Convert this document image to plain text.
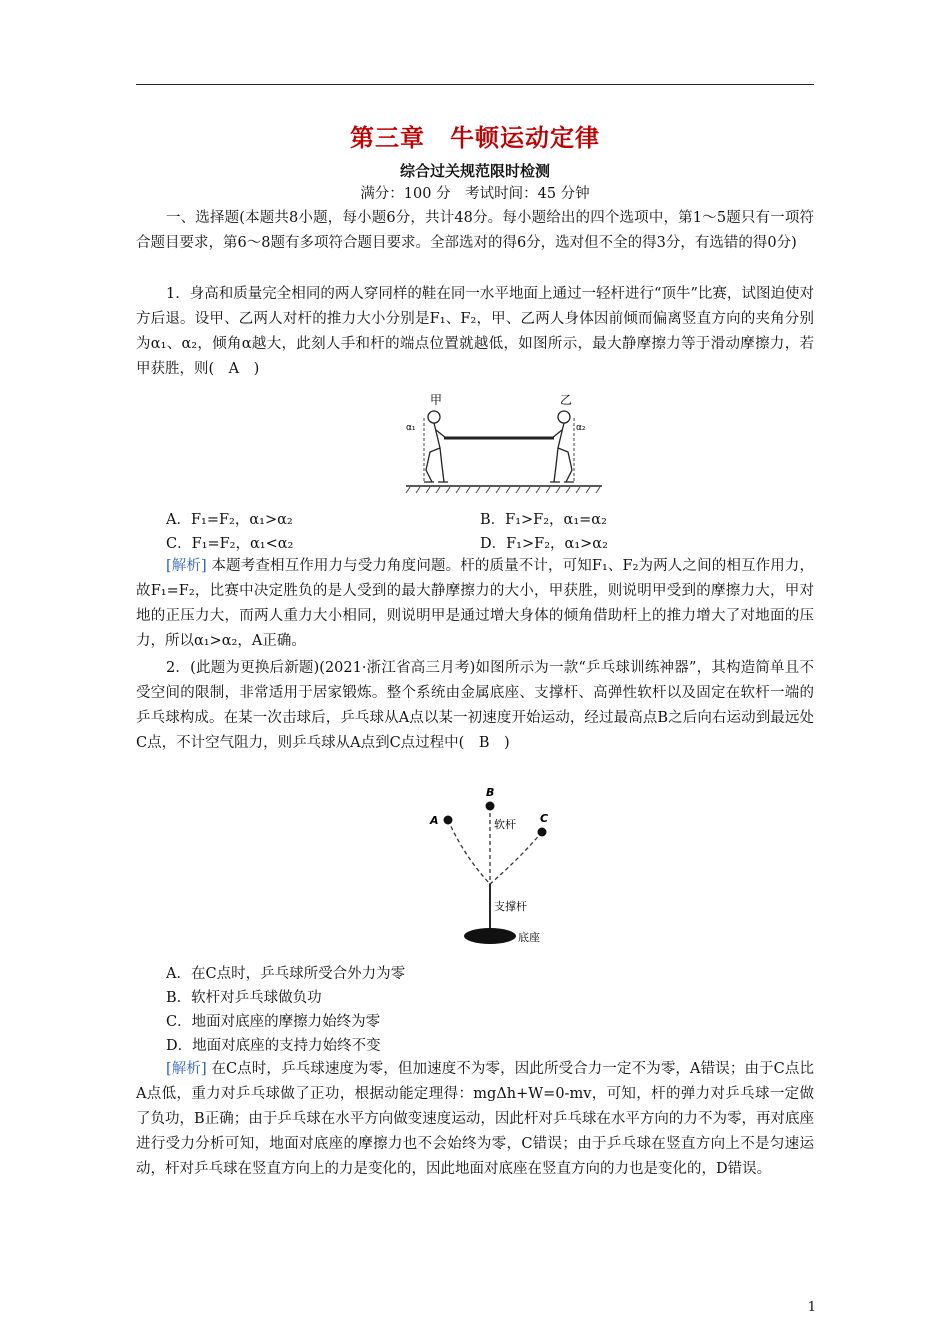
第三章　牛顿运动定律
综合过关规范限时检测
满分：100 分　考试时间：45 分钟
一、选择题(本题共8小题，每小题6分，共计48分。每小题给出的四个选项中，第1～5题只有一项符合题目要求，第6～8题有多项符合题目要求。全部选对的得6分，选对但不全的得3分，有选错的得0分)
1．身高和质量完全相同的两人穿同样的鞋在同一水平地面上通过一轻杆进行“顶牛”比赛，试图迫使对方后退。设甲、乙两人对杆的推力大小分别是F₁、F₂，甲、乙两人身体因前倾而偏离竖直方向的夹角分别为α₁、α₂，倾角α越大，此刻人手和杆的端点位置就越低，如图所示，最大静摩擦力等于滑动摩擦力，若甲获胜，则(　A　)
α₁
甲
α₂
乙
A．F₁=F₂，α₁>α₂	B．F₁>F₂，α₁=α₂
C．F₁=F₂，α₁<α₂	D．F₁>F₂，α₁>α₂
[解析] 本题考查相互作用力与受力角度问题。杆的质量不计，可知F₁、F₂为两人之间的相互作用力，故F₁=F₂，比赛中决定胜负的是人受到的最大静摩擦力的大小，甲获胜，则说明甲受到的摩擦力大，甲对地的正压力大，而两人重力大小相同，则说明甲是通过增大身体的倾角借助杆上的推力增大了对地面的压力，所以α₁>α₂，A正确。
2．(此题为更换后新题)(2021·浙江省高三月考)如图所示为一款“乒乓球训练神器”，其构造简单且不受空间的限制，非常适用于居家锻炼。整个系统由金属底座、支撑杆、高弹性软杆以及固定在软杆一端的乒乓球构成。在某一次击球后，乒乓球从A点以某一初速度开始运动，经过最高点B之后向右运动到最远处C点，不计空气阻力，则乒乓球从A点到C点过程中(　B　)
A
B
C
软杆
支撑杆
底座
A．在C点时，乒乓球所受合外力为零
B．软杆对乒乓球做负功
C．地面对底座的摩擦力始终为零
D．地面对底座的支持力始终不变
[解析] 在C点时，乒乓球速度为零，但加速度不为零，因此所受合力一定不为零，A错误；由于C点比A点低，重力对乒乓球做了正功，根据动能定理得：mgΔh+W=0-mv，可知，杆的弹力对乒乓球一定做了负功，B正确；由于乒乓球在水平方向做变速度运动，因此杆对乒乓球在水平方向的力不为零，再对底座进行受力分析可知，地面对底座的摩擦力也不会始终为零，C错误；由于乒乓球在竖直方向上不是匀速运动，杆对乒乓球在竖直方向上的力是变化的，因此地面对底座在竖直方向的力也是变化的，D错误。
1
